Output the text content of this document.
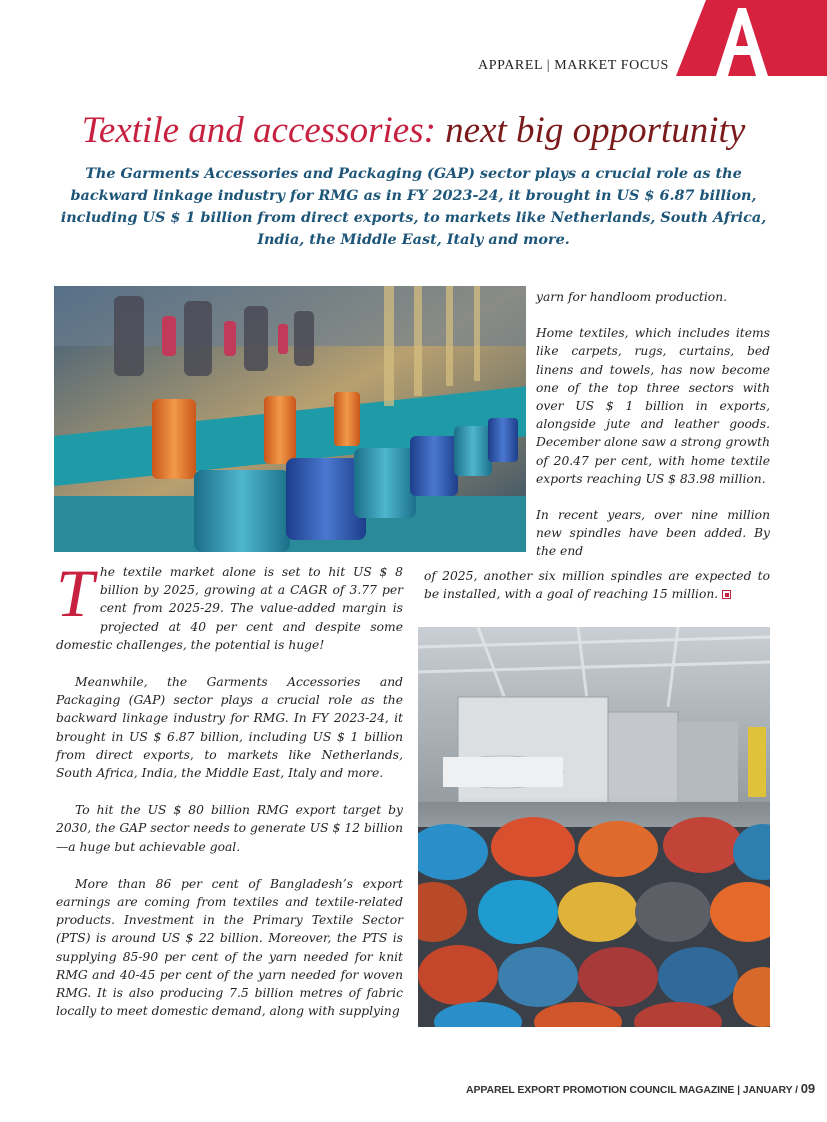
APPAREL | MARKET FOCUS
Textile and accessories: next big opportunity
The Garments Accessories and Packaging (GAP) sector plays a crucial role as the backward linkage industry for RMG as in FY 2023-24, it brought in US $ 6.87 billion, including US $ 1 billion from direct exports, to markets like Netherlands, South Africa, India, the Middle East, Italy and more.

yarn for handloom production.

Home textiles, which includes items like carpets, rugs, curtains, bed linens and towels, has now become one of the top three sectors with over US $ 1 billion in exports, alongside jute and leather goods. December alone saw a strong growth of 20.47 per cent, with home textile exports reaching US $ 83.98 million.

In recent years, over nine million new spindles have been added. By the end

of 2025, another six million spindles are expected to be installed, with a goal of reaching 15 million.

The textile market alone is set to hit US $ 8 billion by 2025, growing at a CAGR of 3.77 per cent from 2025-29. The value-added margin is projected at 40 per cent and despite some domestic challenges, the potential is huge!

Meanwhile, the Garments Accessories and Packaging (GAP) sector plays a crucial role as the backward linkage industry for RMG. In FY 2023-24, it brought in US $ 6.87 billion, including US $ 1 billion from direct exports, to markets like Netherlands, South Africa, India, the Middle East, Italy and more.

To hit the US $ 80 billion RMG export target by 2030, the GAP sector needs to generate US $ 12 billion—a huge but achievable goal.

More than 86 per cent of Bangladesh’s export earnings are coming from textiles and textile-related products. Investment in the Primary Textile Sector (PTS) is around US $ 22 billion. Moreover, the PTS is supplying 85-90 per cent of the yarn needed for knit RMG and 40-45 per cent of the yarn needed for woven RMG. It is also producing 7.5 billion metres of fabric locally to meet domestic demand, along with supplying

APPAREL EXPORT PROMOTION COUNCIL MAGAZINE | JANUARY / 09
